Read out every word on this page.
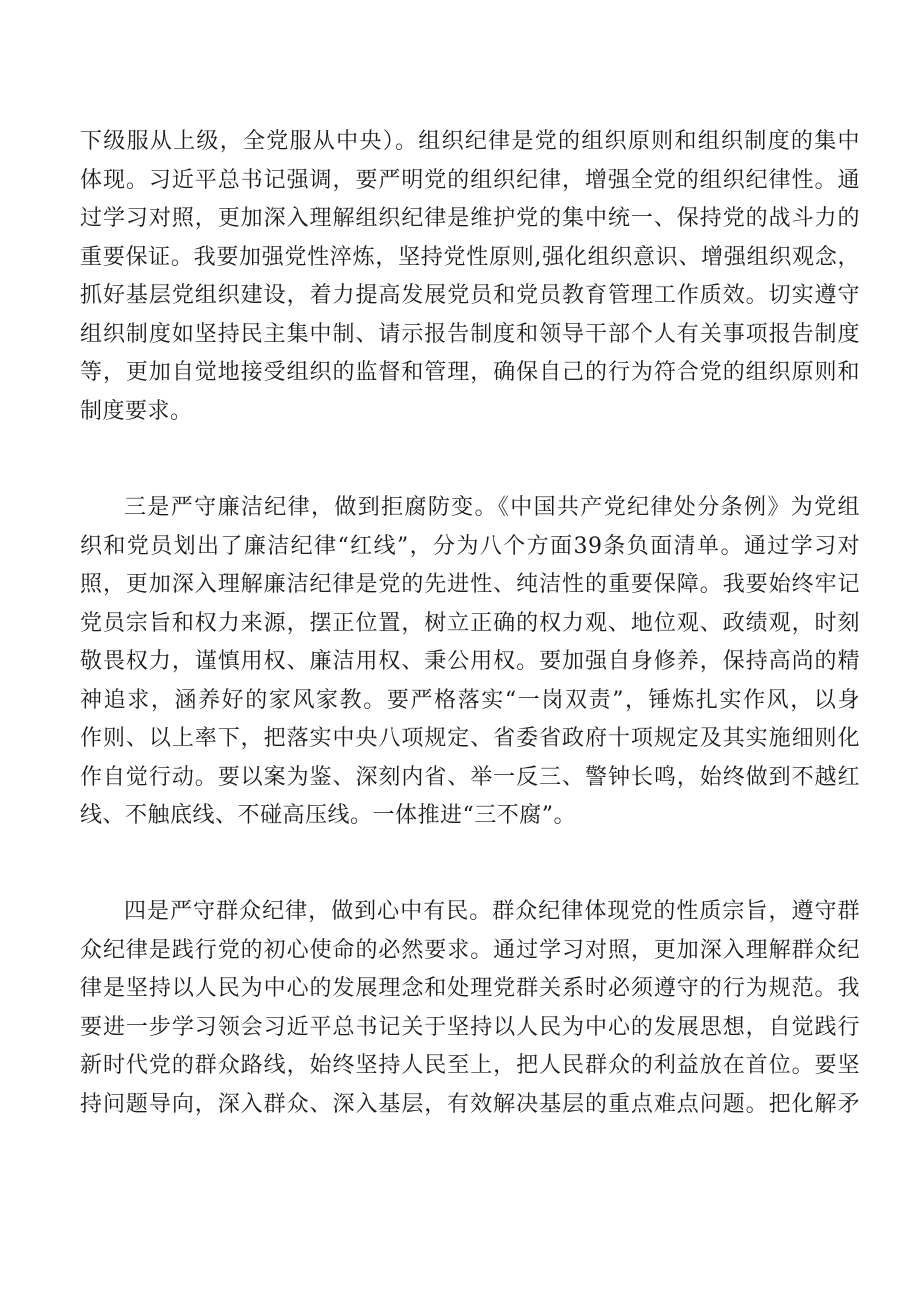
下级服从上级，全党服从中央）。组织纪律是党的组织原则和组织制度的集中
体现。习近平总书记强调，要严明党的组织纪律，增强全党的组织纪律性。通
过学习对照，更加深入理解组织纪律是维护党的集中统一、保持党的战斗力的
重要保证。我要加强党性淬炼，坚持党性原则,强化组织意识、增强组织观念，
抓好基层党组织建设，着力提高发展党员和党员教育管理工作质效。切实遵守
组织制度如坚持民主集中制、请示报告制度和领导干部个人有关事项报告制度
等，更加自觉地接受组织的监督和管理，确保自己的行为符合党的组织原则和
制度要求。
三是严守廉洁纪律，做到拒腐防变。《中国共产党纪律处分条例》为党组
织和党员划出了廉洁纪律“红线”，分为八个方面39条负面清单。通过学习对
照，更加深入理解廉洁纪律是党的先进性、纯洁性的重要保障。我要始终牢记
党员宗旨和权力来源，摆正位置，树立正确的权力观、地位观、政绩观，时刻
敬畏权力，谨慎用权、廉洁用权、秉公用权。要加强自身修养，保持高尚的精
神追求，涵养好的家风家教。要严格落实“一岗双责”，锤炼扎实作风，以身
作则、以上率下，把落实中央八项规定、省委省政府十项规定及其实施细则化
作自觉行动。要以案为鉴、深刻内省、举一反三、警钟长鸣，始终做到不越红
线、不触底线、不碰高压线。一体推进“三不腐”。
四是严守群众纪律，做到心中有民。群众纪律体现党的性质宗旨，遵守群
众纪律是践行党的初心使命的必然要求。通过学习对照，更加深入理解群众纪
律是坚持以人民为中心的发展理念和处理党群关系时必须遵守的行为规范。我
要进一步学习领会习近平总书记关于坚持以人民为中心的发展思想，自觉践行
新时代党的群众路线，始终坚持人民至上，把人民群众的利益放在首位。要坚
持问题导向，深入群众、深入基层，有效解决基层的重点难点问题。把化解矛
